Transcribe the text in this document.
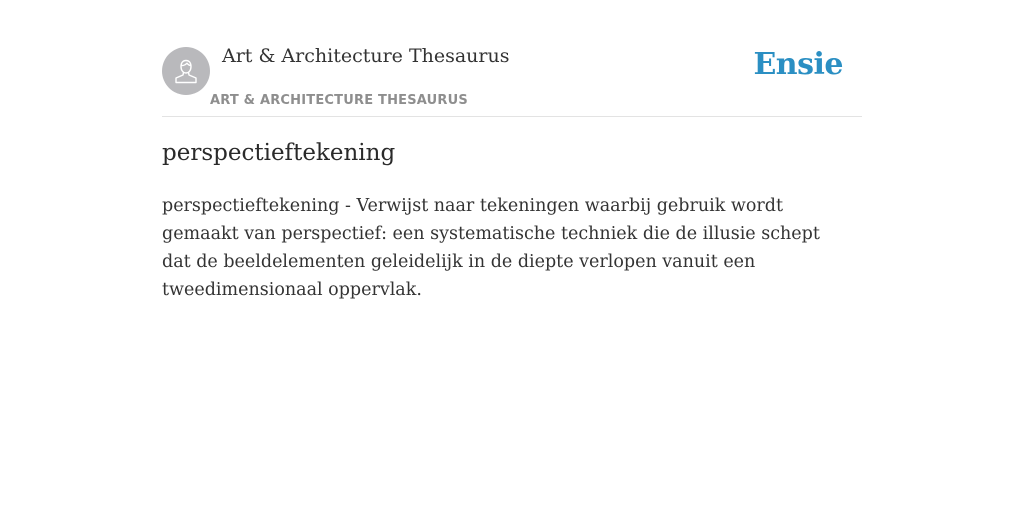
Art & Architecture Thesaurus
ART & ARCHITECTURE THESAURUS
Ensie
perspectieftekening

perspectieftekening - Verwijst naar tekeningen waarbij gebruik wordt gemaakt van perspectief: een systematische techniek die de illusie schept dat de beeldelementen geleidelijk in de diepte verlopen vanuit een tweedimensionaal oppervlak.
